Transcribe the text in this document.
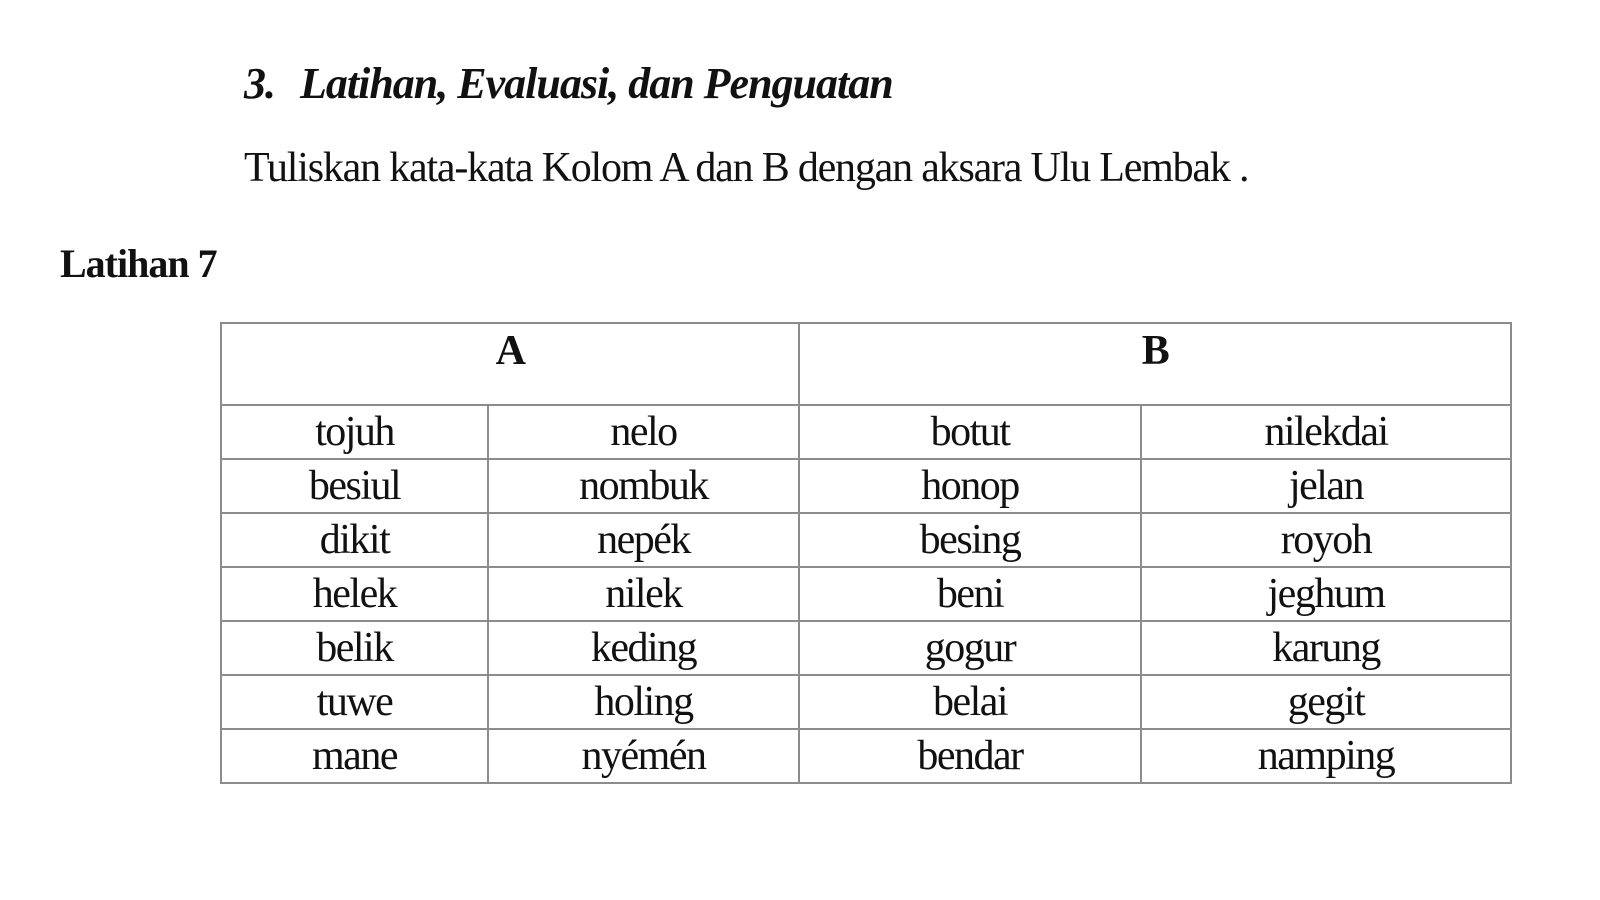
3. Latihan, Evaluasi, dan Penguatan
Tuliskan kata-kata Kolom A dan B dengan aksara Ulu Lembak .
Latihan 7
A		B	
tojuh	nelo	botut	nilekdai
besiul	nombuk	honop	jelan
dikit	nepék	besing	royoh
helek	nilek	beni	jeghum
belik	keding	gogur	karung
tuwe	holing	belai	gegit
mane	nyémén	bendar	namping
